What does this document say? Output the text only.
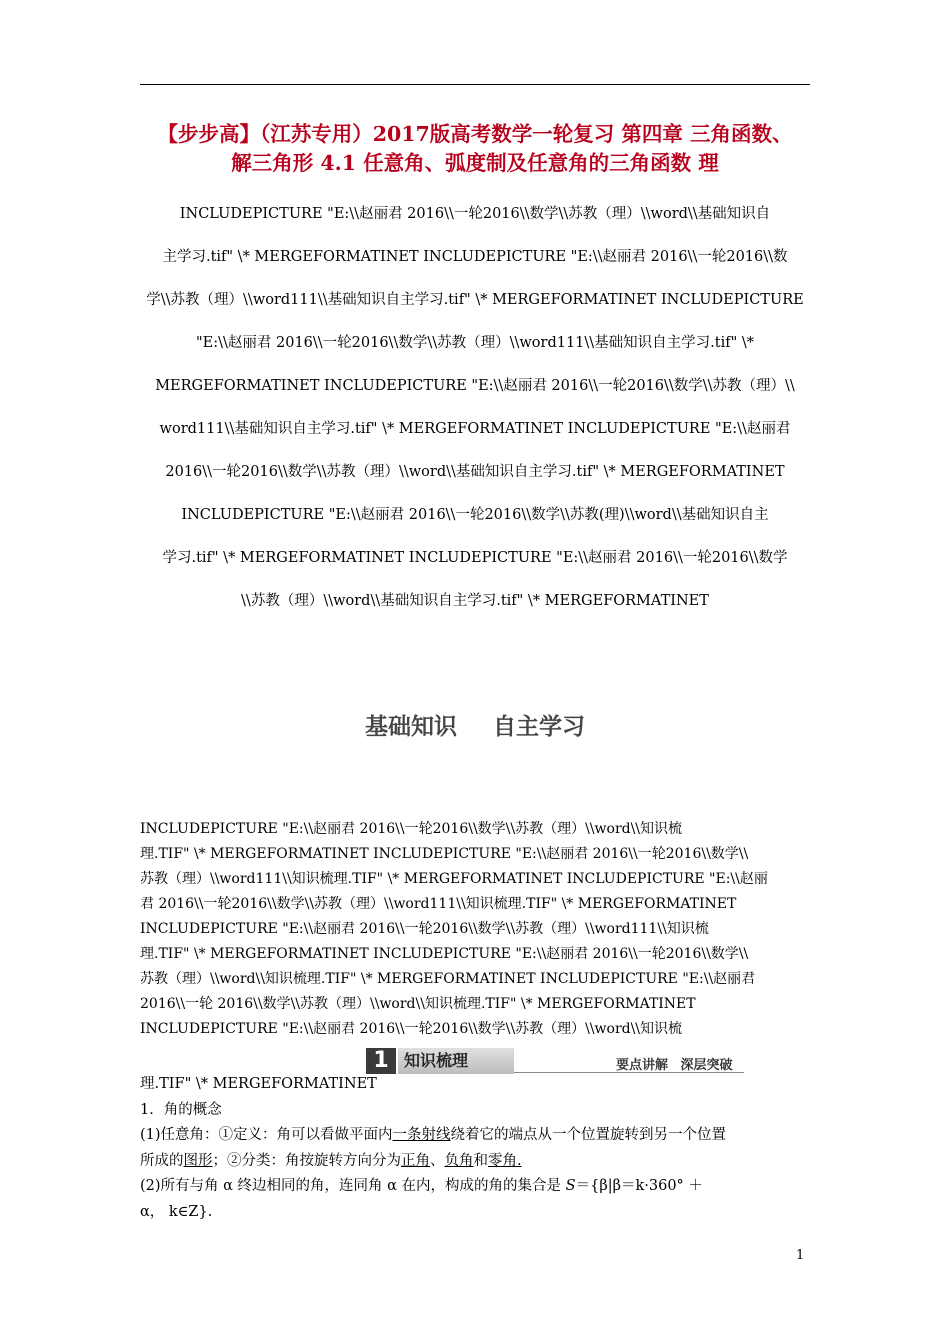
【步步高】（江苏专用）2017版高考数学一轮复习 第四章 三角函数、
解三角形 4.1 任意角、弧度制及任意角的三角函数 理
INCLUDEPICTURE "E:\\赵丽君 2016\\一轮2016\\数学\\苏教（理）\\word\\基础知识自
主学习.tif" \* MERGEFORMATINET INCLUDEPICTURE "E:\\赵丽君 2016\\一轮2016\\数
学\\苏教（理）\\word111\\基础知识自主学习.tif" \* MERGEFORMATINET INCLUDEPICTURE
"E:\\赵丽君 2016\\一轮2016\\数学\\苏教（理）\\word111\\基础知识自主学习.tif" \*
MERGEFORMATINET INCLUDEPICTURE "E:\\赵丽君 2016\\一轮2016\\数学\\苏教（理）\\
word111\\基础知识自主学习.tif" \* MERGEFORMATINET INCLUDEPICTURE "E:\\赵丽君
2016\\一轮2016\\数学\\苏教（理）\\word\\基础知识自主学习.tif" \* MERGEFORMATINET
INCLUDEPICTURE "E:\\赵丽君 2016\\一轮2016\\数学\\苏教(理)\\word\\基础知识自主
学习.tif" \* MERGEFORMATINET INCLUDEPICTURE "E:\\赵丽君 2016\\一轮2016\\数学
\\苏教（理）\\word\\基础知识自主学习.tif" \* MERGEFORMATINET
基础知识 自主学习
INCLUDEPICTURE "E:\\赵丽君 2016\\一轮2016\\数学\\苏教（理）\\word\\知识梳
理.TIF" \* MERGEFORMATINET INCLUDEPICTURE "E:\\赵丽君 2016\\一轮2016\\数学\\
苏教（理）\\word111\\知识梳理.TIF" \* MERGEFORMATINET INCLUDEPICTURE "E:\\赵丽
君 2016\\一轮2016\\数学\\苏教（理）\\word111\\知识梳理.TIF" \* MERGEFORMATINET
INCLUDEPICTURE "E:\\赵丽君 2016\\一轮2016\\数学\\苏教（理）\\word111\\知识梳
理.TIF" \* MERGEFORMATINET INCLUDEPICTURE "E:\\赵丽君 2016\\一轮2016\\数学\\
苏教（理）\\word\\知识梳理.TIF" \* MERGEFORMATINET INCLUDEPICTURE "E:\\赵丽君
2016\\一轮 2016\\数学\\苏教（理）\\word\\知识梳理.TIF" \* MERGEFORMATINET
INCLUDEPICTURE "E:\\赵丽君 2016\\一轮2016\\数学\\苏教（理）\\word\\知识梳
1 知识梳理	要点讲解 深层突破
理.TIF" \* MERGEFORMATINET
1．角的概念
(1)任意角：①定义：角可以看做平面内一条射线绕着它的端点从一个位置旋转到另一个位置
所成的图形；②分类：角按旋转方向分为正角、负角和零角.
(2)所有与角 α 终边相同的角，连同角 α 在内，构成的角的集合是 S＝{β|β＝k·360° ＋
α， k∈Z}.
1
